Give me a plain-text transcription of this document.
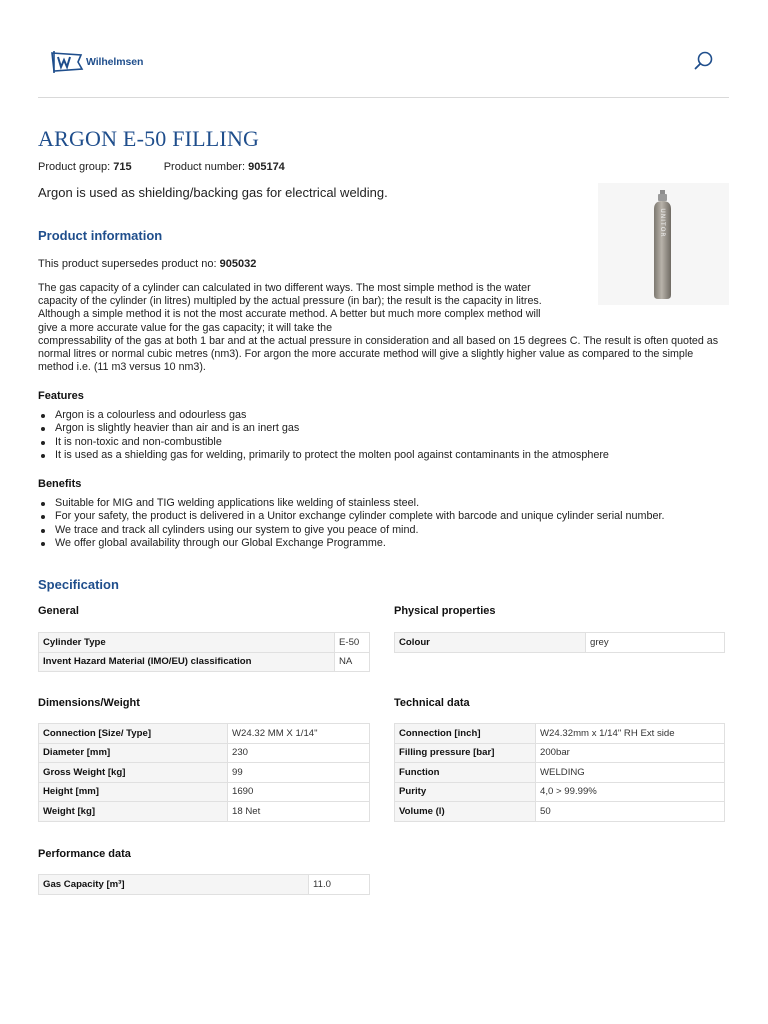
Wilhelmsen
ARGON E-50 FILLING
Product group: 715	Product number: 905174

Argon is used as shielding/backing gas for electrical welding.

UNITOR
Product information

This product supersedes product no: 905032

The gas capacity of a cylinder can calculated in two different ways. The most simple method is the water capacity of the cylinder (in litres) multipled by the actual pressure (in bar); the result is the capacity in litres. Although a simple method it is not the most accurate method. A better but much more complex method will give a more accurate value for the gas capacity; it will take the
compressability of the gas at both 1 bar and at the actual pressure in consideration and all based on 15 degrees C. The result is often quoted as normal litres or normal cubic metres (nm3). For argon the more accurate method will give a slightly higher value as compared to the simple method i.e. (11 m3 versus 10 nm3).
Features
Argon is a colourless and odourless gas
Argon is slightly heavier than air and is an inert gas
It is non-toxic and non-combustible
It is used as a shielding gas for welding, primarily to protect the molten pool against contaminants in the atmosphere
Benefits
Suitable for MIG and TIG welding applications like welding of stainless steel.
For your safety, the product is delivered in a Unitor exchange cylinder complete with barcode and unique cylinder serial number.
We trace and track all cylinders using our system to give you peace of mind.
We offer global availability through our Global Exchange Programme.
Specification
General
Cylinder Type	E-50
Invent Hazard Material (IMO/EU) classification	NA
Physical properties
Colour	grey
Dimensions/Weight
Connection [Size/ Type]	W24.32 MM X 1/14"
Diameter [mm]	230
Gross Weight [kg]	99
Height [mm]	1690
Weight [kg]	18 Net
Technical data
Connection [inch]	W24.32mm x 1/14" RH Ext side
Filling pressure [bar]	200bar
Function	WELDING
Purity	4,0 > 99.99%
Volume (l)	50
Performance data
Gas Capacity [m³]	11.0
